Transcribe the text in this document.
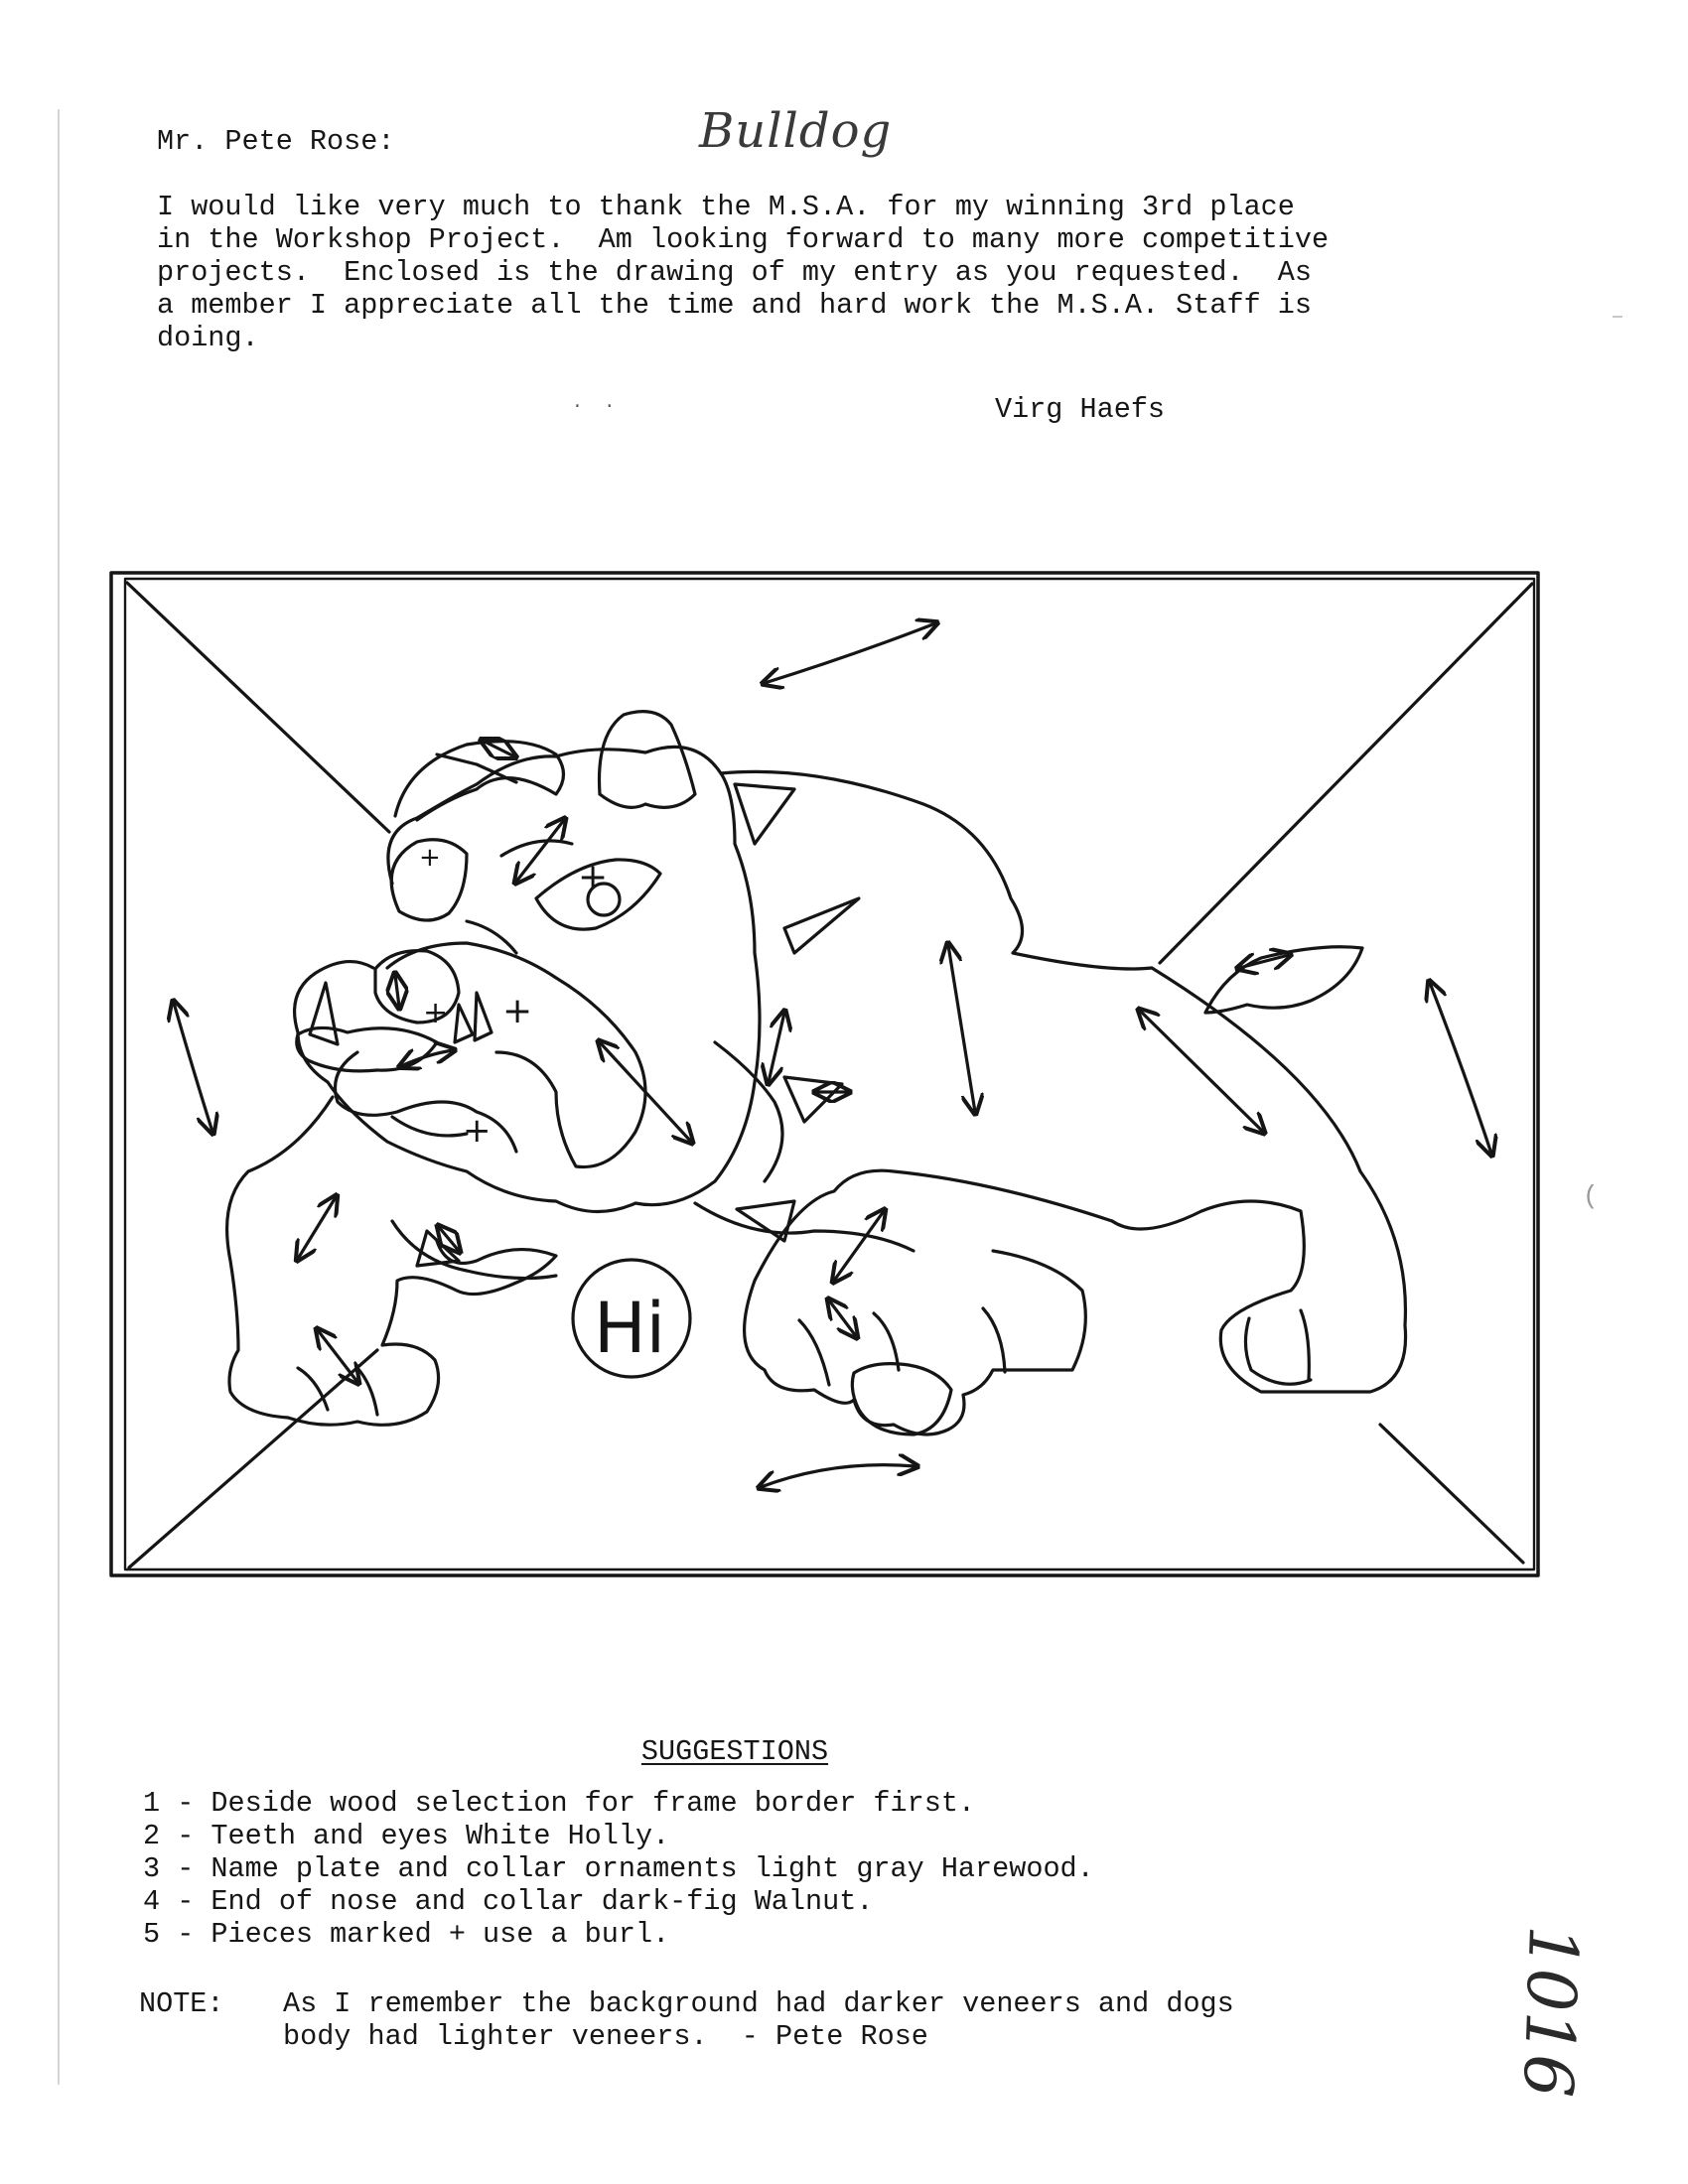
Bulldog
Mr. Pete Rose:
I would like very much to thank the M.S.A. for my winning 3rd place
in the Workshop Project.  Am looking forward to many more competitive
projects.  Enclosed is the drawing of my entry as you requested.  As
a member I appreciate all the time and hard work the M.S.A. Staff is
doing.
.  .	Virg Haefs
Hi
+
+
+
+
+
SUGGESTIONS
1 - Deside wood selection for frame border first.
2 - Teeth and eyes White Holly.
3 - Name plate and collar ornaments light gray Harewood.
4 - End of nose and collar dark-fig Walnut.
5 - Pieces marked + use a burl.
NOTE:	As I remember the background had darker veneers and dogs
body had lighter veneers.  - Pete Rose	1016
(
